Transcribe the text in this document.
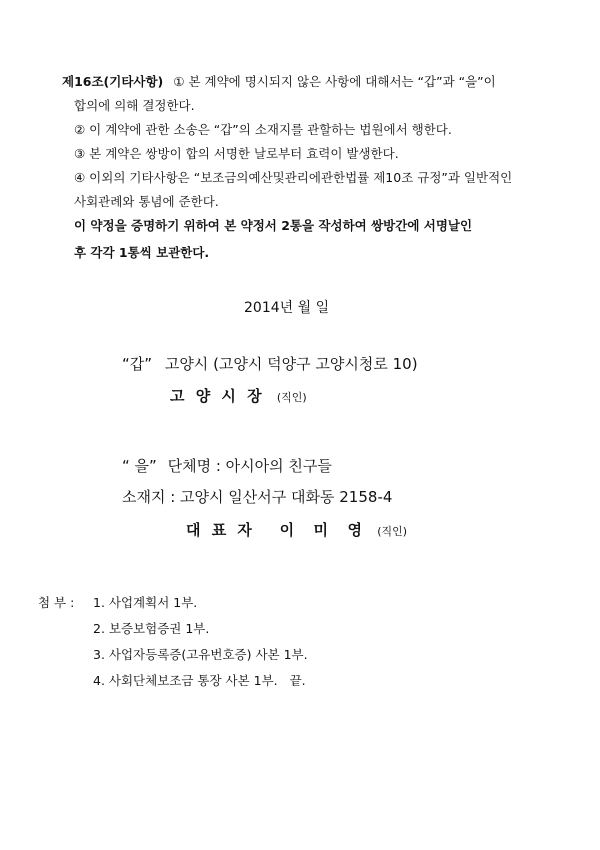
제16조(기타사항) ① 본 계약에 명시되지 않은 사항에 대해서는 “갑”과 “을”이
합의에 의해 결정한다.
② 이 계약에 관한 소송은 “갑”의 소재지를 관할하는 법원에서 행한다.
③ 본 계약은 쌍방이 합의 서명한 날로부터 효력이 발생한다.
④ 이외의 기타사항은 “보조금의예산및관리에관한법률 제10조 규정”과 일반적인
사회관례와 통념에 준한다.
이 약정을 증명하기 위하여 본 약정서 2통을 작성하여 쌍방간에 서명날인
후 각각 1통씩 보관한다.
2014년 월 일
“갑” 고양시 (고양시 덕양구 고양시청로 10)
고 양 시 장 (직인)
“ 을” 단체명 : 아시아의 친구들
소재지 : 고양시 일산서구 대화동 2158-4
대 표 자   이  미  영 (직인)
첨 부 : 1. 사업계획서 1부.
2. 보증보험증권 1부.
3. 사업자등록증(고유번호증) 사본 1부.
4. 사회단체보조금 통장 사본 1부.   끝.
